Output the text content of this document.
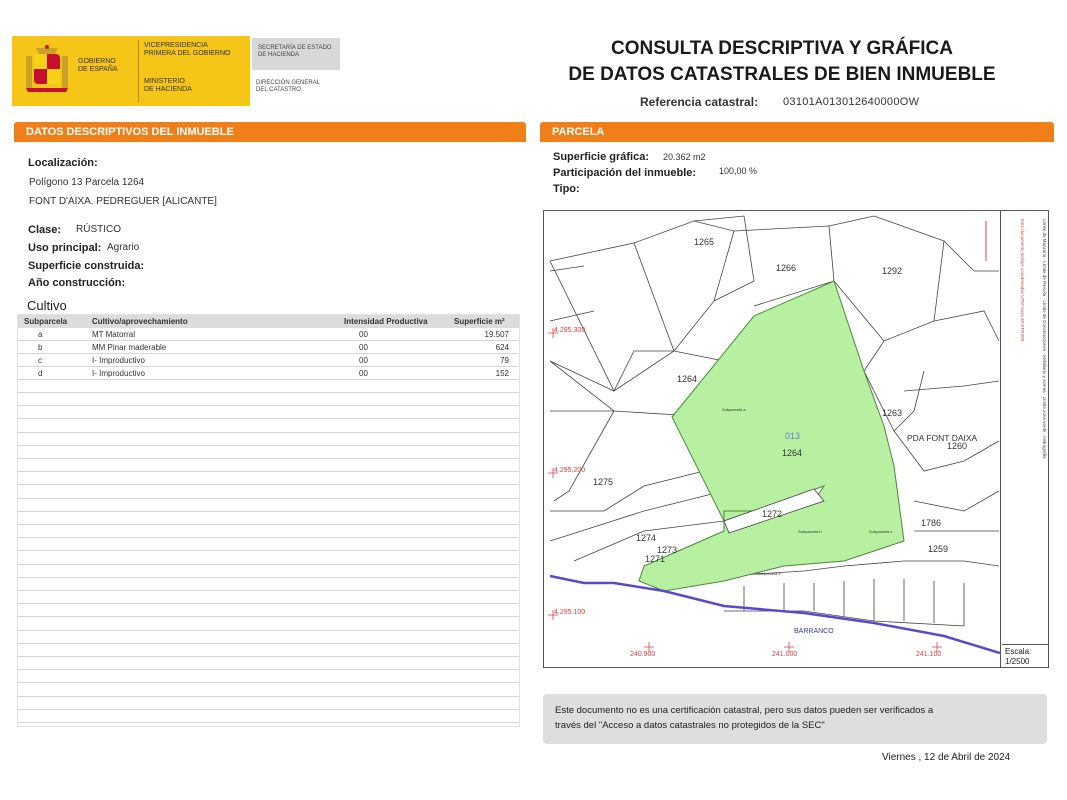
GOBIERNO
DE ESPAÑA
VICEPRESIDENCIA
PRIMERA DEL GOBIERNO
MINISTERIO
DE HACIENDA
SECRETARÍA DE ESTADO
DE HACIENDA
DIRECCIÓN GENERAL
DEL CATASTRO
CONSULTA DESCRIPTIVA Y GRÁFICA
DE DATOS CATASTRALES DE BIEN INMUEBLE
Referencia catastral: 03101A013012640000OW
DATOS DESCRIPTIVOS DEL INMUEBLE
Localización:
Polígono 13 Parcela 1264
FONT D'AIXA. PEDREGUER [ALICANTE]
Clase: RÚSTICO
Uso principal: Agrario
Superficie construida:
Año construcción:
Cultivo
Subparcela	Cultivo/aprovechamiento	Intensidad Productiva	Superficie m²
a	MT Matorral	00	19.507
b	MM Pinar maderable	00	624
c	I- Improductivo	00	79
d	I- Improductivo	00	152
PARCELA
Superficie gráfica: 20.362 m2
Participación del inmueble:	100,00 %
Tipo:
1265
1266	1292
1264
1263
1275
1274
1273
1271
1272
1786
1259
1260
013
1264
PDA FONT DAIXA
BARRANCO
Subparcela a
Subparcela b	Subparcela c
Subparcela d
4.295.300
4.295.200
4.295.100
240.900	241.000	241.100
Límite de Manzana · Límite de Parcela · Límite de Construcciones · Mobiliario y aceras · Límite zona verde · Hidrografía
Este documento incluye coordenadas UTM Huso 30 ETRS89
Escala:
1/2500
Este documento no es una certificación catastral, pero sus datos pueden ser verificados a
través del "Acceso a datos catastrales no protegidos de la SEC"
Viernes , 12 de Abril de 2024
